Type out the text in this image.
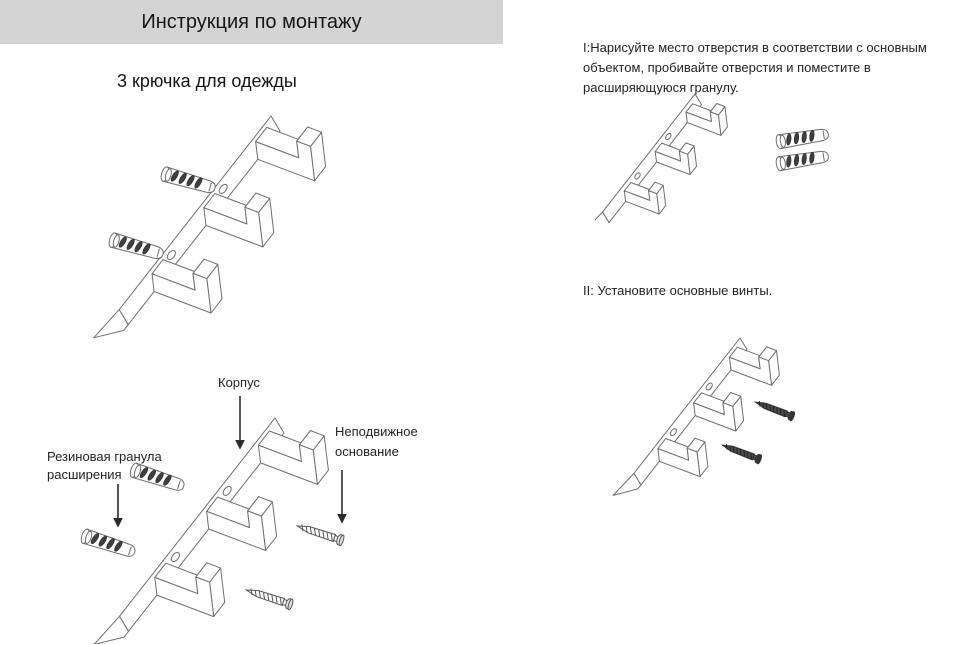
Инструкция по монтажу
3 крючка для одежды
Корпус
Резиновая гранула расширения
Неподвижное основание
I:Нарисуйте место отверстия в соответствии с основным объектом, пробивайте отверстия и поместите в расширяющуюся гранулу.
II: Установите основные винты.
